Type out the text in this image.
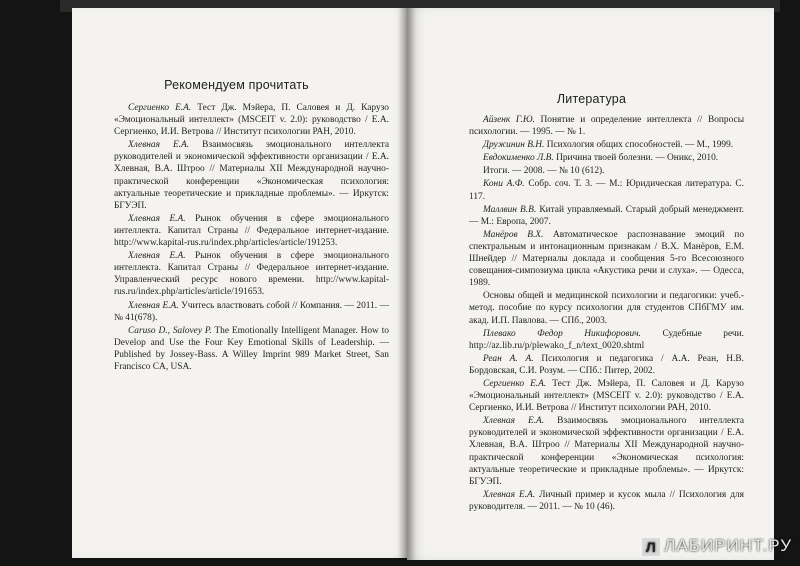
Рекомендуем прочитать

Сергиенко Е.А. Тест Дж. Мэйера, П. Саловея и Д. Карузо «Эмоциональный интеллект» (MSCEIT v. 2.0): руководство / Е.А. Сергиенко, И.И. Ветрова // Институт психологии РАН, 2010.

Хлевная Е.А. Взаимосвязь эмоционального интеллекта руководителей и экономической эффективности организации / Е.А. Хлевная, В.А. Штроо // Материалы XII Международной научно-практической конференции «Экономическая психология: актуальные теоретические и прикладные проблемы». — Иркутск: БГУЭП.

Хлевная Е.А. Рынок обучения в сфере эмоционального интеллекта. Капитал Страны // Федеральное интернет-издание. http://www.kapital-rus.ru/index.php/articles/article/191253.

Хлевная Е.А. Рынок обучения в сфере эмоционального интеллекта. Капитал Страны // Федеральное интернет-издание. Управленческий ресурс нового времени. http://www.kapital-rus.ru/index.php/articles/article/191653.

Хлевная Е.А. Учитесь властвовать собой // Компания. — 2011. — № 41(678).

Caruso D., Salovey P. The Emotionally Intelligent Manager. How to Develop and Use the Four Key Emotional Skills of Leadership. — Published by Jossey-Bass. A Willey Imprint 989 Market Street, San Francisco CA, USA.

Литература

Айзенк Г.Ю. Понятие и определение интеллекта // Вопросы психологии. — 1995. — № 1.

Дружинин В.Н. Психология общих способностей. — М., 1999.

Евдокименко Л.В. Причина твоей болезни. — Оникс, 2010.

Итоги. — 2008. — № 10 (612).

Кони А.Ф. Собр. соч. Т. 3. — М.: Юридическая литература. С. 117.

Маллвин В.В. Китай управляемый. Старый добрый менеджмент. — М.: Европа, 2007.

Манёров В.Х. Автоматическое распознавание эмоций по спектральным и интонационным признакам / В.Х. Манёров, Е.М. Шнейдер // Материалы доклада и сообщения 5-го Всесоюзного совещания-симпозиума цикла «Акустика речи и слуха». — Одесса, 1989.

Основы общей и медицинской психологии и педагогики: учеб.-метод. пособие по курсу психологии для студентов СПбГМУ им. акад. И.П. Павлова. — СПб., 2003.

Плевако Федор Никифорович. Судебные речи. http://az.lib.ru/p/plewako_f_n/text_0020.shtml

Реан А. А. Психология и педагогика / А.А. Реан, Н.В. Бордовская, С.И. Розум. — СПб.: Питер, 2002.

Сергиенко Е.А. Тест Дж. Мэйера, П. Саловея и Д. Карузо «Эмоциональный интеллект» (MSCEIT v. 2.0): руководство / Е.А. Сергиенко, И.И. Ветрова // Институт психологии РАН, 2010.

Хлевная Е.А. Взаимосвязь эмоционального интеллекта руководителей и экономической эффективности организации / Е.А. Хлевная, В.А. Штроо // Материалы XII Международной научно-практической конференции «Экономическая психология: актуальные теоретические и прикладные проблемы». — Иркутск: БГУЭП.

Хлевная Е.А. Личный пример и кусок мыла // Психология для руководителя. — 2011. — № 10 (46).

Л ЛАБИРИНТ.РУ
